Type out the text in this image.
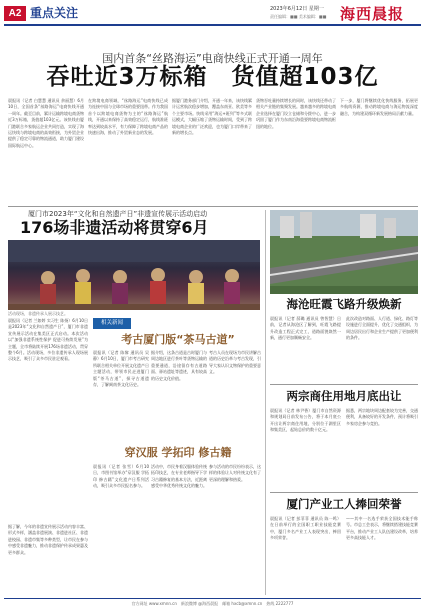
A2 重点关注	2023年6月12日 星期一
责任编辑：■■ 美术编辑：■■ 海西晨报
国内首条“丝路海运”电商快线正式开通一周年
吞吐近3万标箱　货值超103亿

晨报讯（记者 白慧慧 通讯员 余丽慧）6月10日，全国首条“丝路海运”电商快线开通一周年。截至目前，累计运输跨境电商货物近3万标箱，货值超103亿元。该快线由厦门港联合多家航运企业共同打造，实现了海运快线与跨境电商的高效衔接，为外贸企业提供了稳定可靠的物流通道，助力厦门建设国际航运中心。

在跨境电商领域，“丝路海运”电商快线已成为连接中国与全球市场的重要纽带。作为我国首个以跨境电商货物为主的“丝路海运”航线，开通以来保持了高效稳定运行，航线准班率达到较高水平，有力保障了跨境电商产品的快速出海，推动了外贸新业态的发展。

据厦门港务部门介绍，开通一年来，该快线累计运营航次稳步增加，覆盖东南亚、欧美等多个主要市场。快线采用“海运+班列”等多式联运模式，大幅压缩了货物运输时间，受到了跨境电商企业的广泛欢迎，也为厦门口岸带来了新的增长点。

货物吞吐量持续增长的同时，该快线还带动了相关产业链的集聚发展。越来越多的跨境电商企业选择在厦门设立仓储和分拨中心，进一步巩固了厦门作为东南沿海重要跨境电商物流枢纽的地位。

下一步，厦门将继续优化快线服务，拓展更多航线资源，推动跨境电商与海运物流深度融合，为构建双循环新发展格局贡献力量。

厦门市2023年“文化和自然遗产日”非遗宣传展示活动启动
176场非遗活动将贯穿6月
活动现场，非遗传承人展示技艺。

晨报讯（记者 兰如婷 实习生 陈扬）6月10日是2023年“文化和自然遗产日”，厦门市非遗宣传展示活动在集美区正式启动。本次活动以“加强非遗系统性保护 促进可持续发展”为主题，全市将陆续开展176场非遗活动，贯穿整个6月。活动现场，多位非遗传承人现场展示技艺，吸引了众多市民驻足观看。

据了解，今年的非遗宣传展示活动内容丰富、形式多样，涵盖非遗展演、非遗进社区、非遗进校园、非遗市集等多种类型，让市民在参与中感受非遗魅力，推动非遗保护传承成果惠及更多群众。

相关新闻
考古厦门版“茶马古道”

晨报讯（记者 陈黎 通讯员 吴 静）6月10日，厦门市考古研究所联合相关单位开展文化遗产日主题活动，带领市民走进厦门版“茶马古道”，探寻古道遗存，了解闽南茶文化历史。

据介绍，这条古道是古时厦门与周边地区进行茶叶等货物运输的重要通道，沿途留存有古道路面、驿站遗址等遗迹，具有较高的历史文化价值。

考古人员在现场为市民讲解古道的历史沿革与考古发现，引导大家认识文物保护的重要意义。

穿汉服 学拓印 修古籍

晨报讯（记者 张雪）6月10日，市图书馆举办“穿汉服 学拓印 修古籍”文化遗产日系列活动，吸引众多市民报名参与。

活动中，市民身着汉服体验传统拓印技艺，在专业老师指导下学习古籍修复的基本方法，近距离感受中华优秀传统文化的魅力。

参与活动的市民纷纷表示，这样的体验让人对传统文化有了更深的理解和热爱。

海沧旺霞飞路升级焕新

晨报讯（记者 薛璐 通讯员 曾智慧）日前，记者从海沧区了解到，旺霞飞路提升改造工程正式完工，道路面貌焕然一新，通行更加顺畅安全。

此次改造对路面、人行道、绿化、路灯等设施进行全面提升，优化了交通组织，为周边居民出行和企业生产提供了更加便利的条件。

两宗商住用地月底出让

晨报讯（记者 林尹香）厦门市自然资源和规划局日前发布公告，将于本月底公开出让两宗商住用地，分别位于湖里区和集美区，起始总价约数十亿元。

据悉，两宗地块周边配套较为完善，交通便利，具备较好的开发条件，预计将吸引多家房企参与竞拍。

厦门产业工人捧回荣誉

晨报讯（记者 彭菲菲 通讯员 陈一鸣）在日前举行的全国职工职业技能竞赛中，厦门多名产业工人表现突出，捧回多项荣誉。

——其中一名选手荣获全国技术能手称号。市总工会表示，将继续搭建技能竞赛平台，推动产业工人队伍建设改革，培养更多高技能人才。

官方网址 www.xmnn.cn　新浪微博 @海西晨报　邮箱 hxcb@xmnn.cn　热线 2222777
